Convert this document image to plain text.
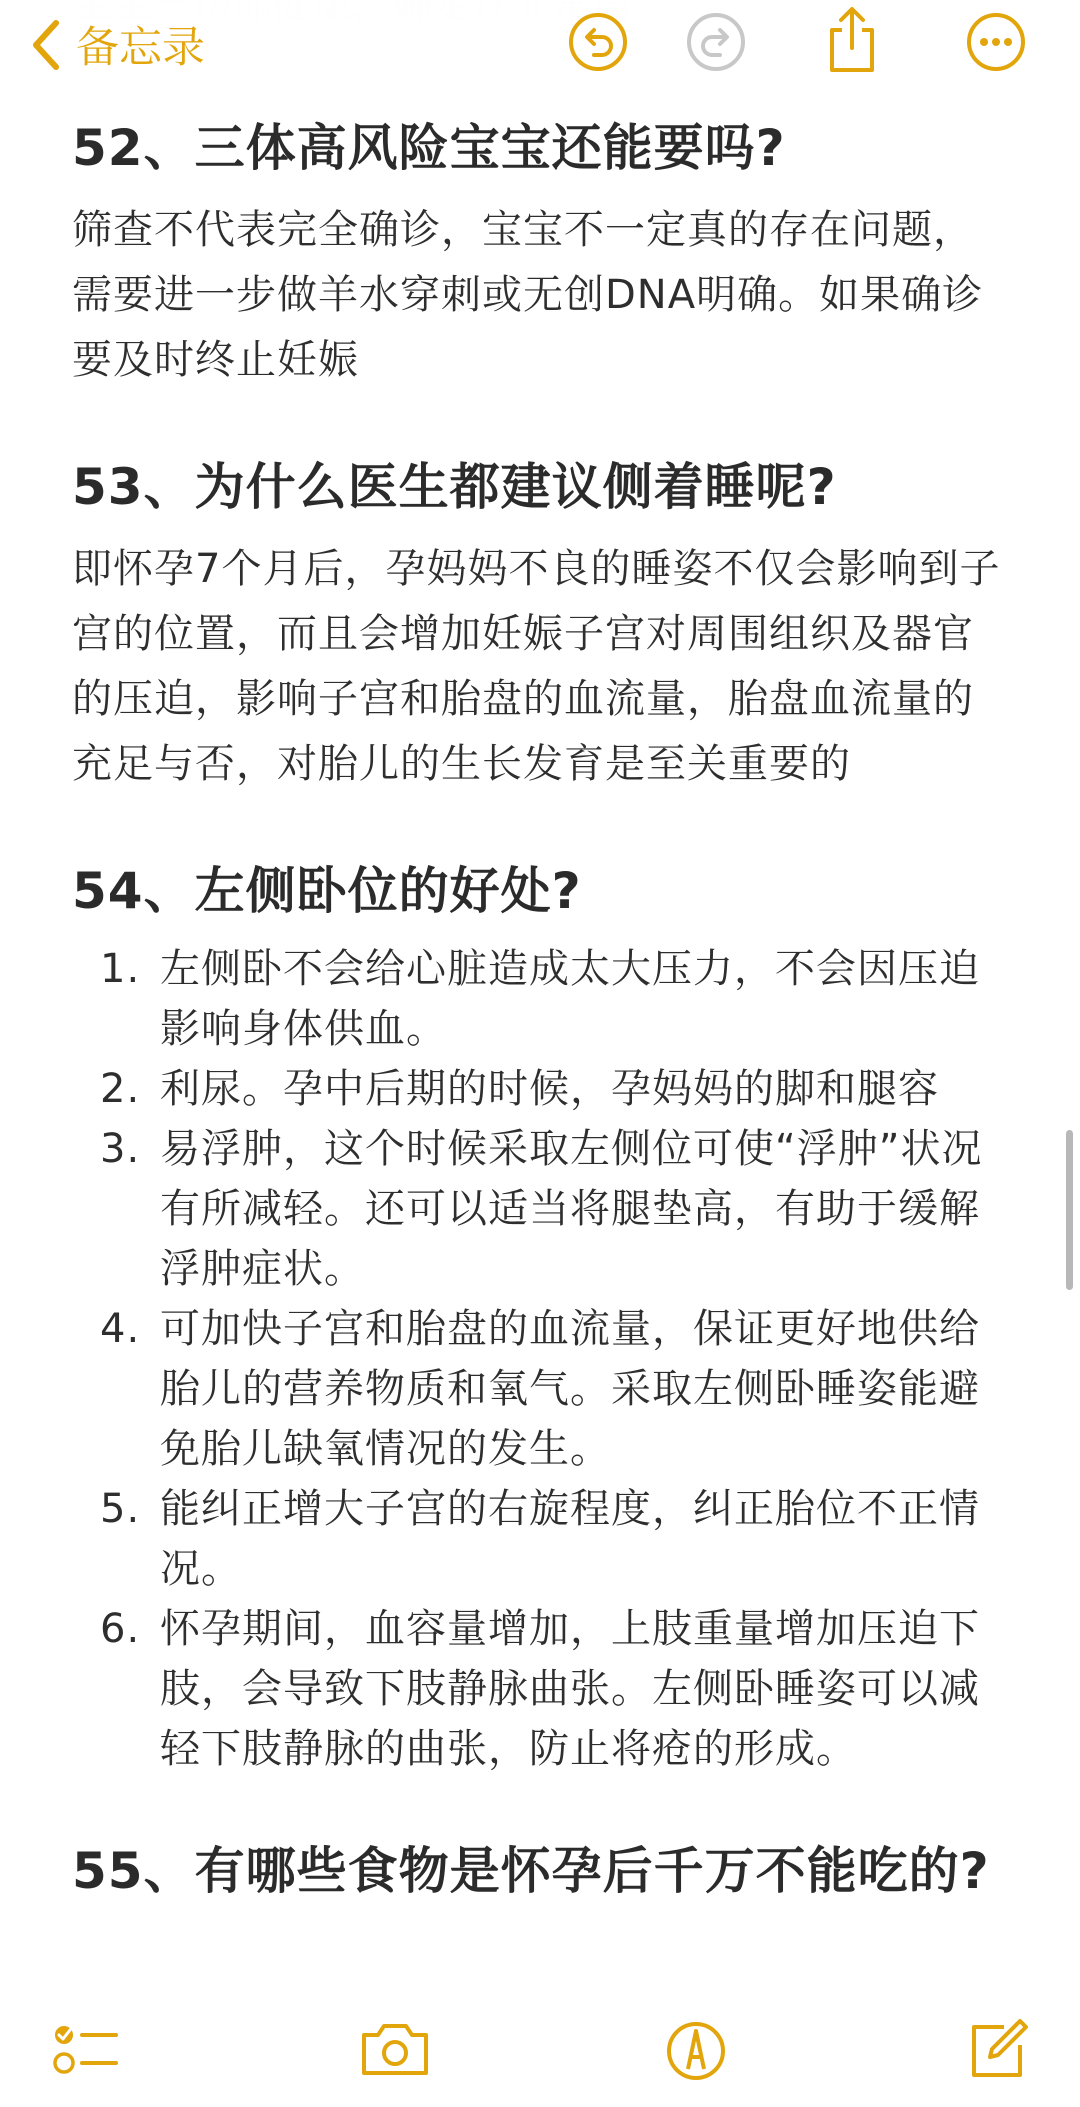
备忘录
52、三体高风险宝宝还能要吗?

筛查不代表完全确诊，宝宝不一定真的存在问题，需要进一步做羊水穿刺或无创DNA明确。如果确诊要及时终止妊娠

53、为什么医生都建议侧着睡呢?

即怀孕7个月后，孕妈妈不良的睡姿不仅会影响到子宫的位置，而且会增加妊娠子宫对周围组织及器官的压迫，影响子宫和胎盘的血流量，胎盘血流量的充足与否，对胎儿的生长发育是至关重要的

54、左侧卧位的好处?
1. 左侧卧不会给心脏造成太大压力，不会因压迫影响身体供血。
2. 利尿。孕中后期的时候，孕妈妈的脚和腿容
3. 易浮肿，这个时候采取左侧位可使“浮肿”状况有所减轻。还可以适当将腿垫高，有助于缓解浮肿症状。
4. 可加快子宫和胎盘的血流量，保证更好地供给胎儿的营养物质和氧气。采取左侧卧睡姿能避免胎儿缺氧情况的发生。
5. 能纠正增大子宫的右旋程度，纠正胎位不正情况。
6. 怀孕期间，血容量增加，上肢重量增加压迫下肢，会导致下肢静脉曲张。左侧卧睡姿可以减轻下肢静脉的曲张，防止将疮的形成。
55、有哪些食物是怀孕后千万不能吃的?
